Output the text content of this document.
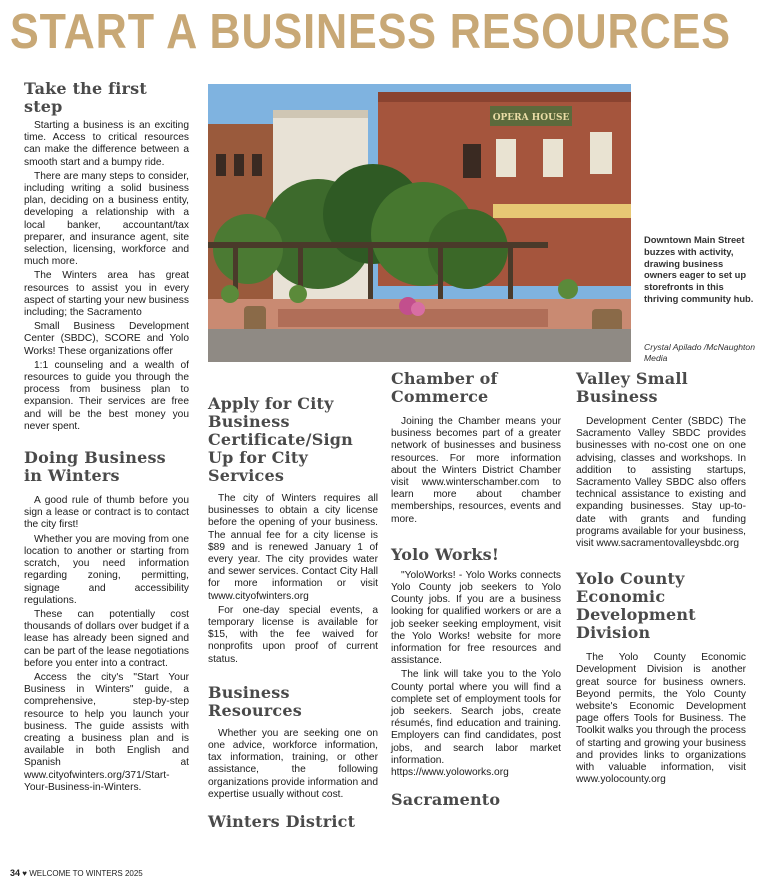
START A BUSINESS RESOURCES
Take the first step

Starting a business is an exciting time. Access to critical resources can make the difference between a smooth start and a bumpy ride.

There are many steps to consider, including writing a solid business plan, deciding on a business entity, developing a relationship with a local banker, accountant/tax preparer, and insurance agent, site selection, licensing, workforce and much more.

The Winters area has great resources to assist you in every aspect of starting your new business including; the Sacramento

Small Business Development Center (SBDC), SCORE and Yolo Works! These organizations offer

1:1 counseling and a wealth of resources to guide you through the process from business plan to expansion. Their services are free and will be the best money you never spent.

Doing Business in Winters

A good rule of thumb before you sign a lease or contract is to contact the city first!

Whether you are moving from one location to another or starting from scratch, you need information regarding zoning, permitting, signage and accessibility regulations.

These can potentially cost thousands of dollars over budget if a lease has already been signed and can be part of the lease negotiations before you enter into a contract.

Access the city's "Start Your Business in Winters" guide, a comprehensive, step-by-step resource to help you launch your business. The guide assists with creating a business plan and is available in both English and Spanish at www.cityofwinters.org/371/Start-Your-Business-in-Winters.

OPERA HOUSE
Downtown Main Street buzzes with activity, drawing business owners eager to set up storefronts in this thriving community hub.
Crystal Apilado /McNaughton Media
Apply for City Business Certificate/Sign Up for City Services

The city of Winters requires all businesses to obtain a city license before the opening of your business. The annual fee for a city license is $89 and is renewed January 1 of every year. The city provides water and sewer services. Contact City Hall for more information or visit twww.cityofwinters.org

For one-day special events, a temporary license is available for $15, with the fee waived for nonprofits upon proof of current status.

Business Resources

Whether you are seeking one on one advice, workforce information, tax information, training, or other assistance, the following organizations provide information and expertise usually without cost.

Winters District
Chamber of Commerce

Joining the Chamber means your business becomes part of a greater network of businesses and business resources. For more information about the Winters District Chamber visit www.winterschamber.com to learn more about chamber memberships, resources, events and more.

Yolo Works!

"YoloWorks! - Yolo Works connects Yolo County job seekers to Yolo County jobs. If you are a business looking for qualified workers or are a job seeker seeking employment, visit the Yolo Works! website for more information for free resources and assistance.

The link will take you to the Yolo County portal where you will find a complete set of employment tools for job seekers. Search jobs, create résumés, find education and training. Employers can find candidates, post jobs, and search labor market information. https://www.yoloworks.org

Sacramento
Valley Small Business

Development Center (SBDC) The Sacramento Valley SBDC provides businesses with no-cost one on one advising, classes and workshops. In addition to assisting startups, Sacramento Valley SBDC also offers technical assistance to existing and expanding businesses. Stay up-to-date with grants and funding programs available for your business, visit www.sacramentovalleysbdc.org

Yolo County Economic Development Division

The Yolo County Economic Development Division is another great source for business owners. Beyond permits, the Yolo County website's Economic Development page offers Tools for Business. The Toolkit walks you through the process of starting and growing your business and provides links to organizations with valuable information, visit www.yolocounty.org

34 ♥ WELCOME TO WINTERS 2025
